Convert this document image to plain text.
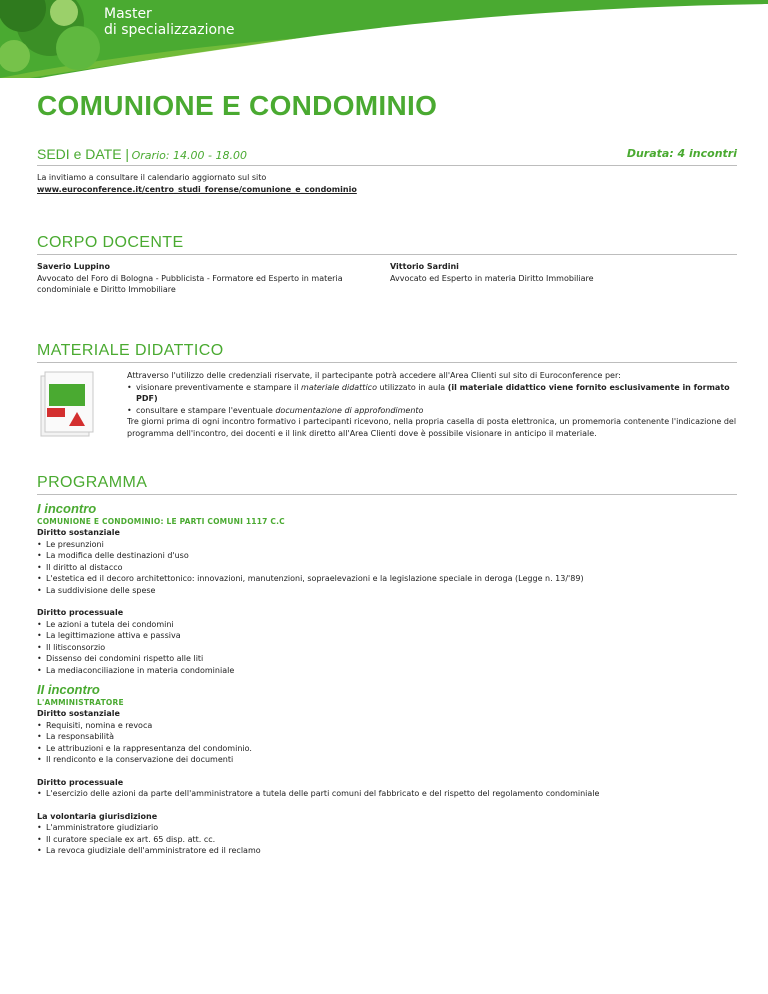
Master
di specializzazione
COMUNIONE E CONDOMINIO
SEDI e DATE | Orario: 14.00 - 18.00	Durata: 4 incontri
La invitiamo a consultare il calendario aggiornato sul sito
www.euroconference.it/centro_studi_forense/comunione_e_condominio
CORPO DOCENTE
Saverio Luppino
Avvocato del Foro di Bologna - Pubblicista - Formatore ed Esperto in materia condominiale e Diritto Immobiliare
Vittorio Sardini
Avvocato ed Esperto in materia Diritto Immobiliare
MATERIALE DIDATTICO
Attraverso l'utilizzo delle credenziali riservate, il partecipante potrà accedere all'Area Clienti sul sito di Euroconference per:
• visionare preventivamente e stampare il materiale didattico utilizzato in aula (il materiale didattico viene fornito esclusivamente in formato PDF)
• consultare e stampare l'eventuale documentazione di approfondimento
Tre giorni prima di ogni incontro formativo i partecipanti ricevono, nella propria casella di posta elettronica, un promemoria contenente l'indicazione del programma dell'incontro, dei docenti e il link diretto all'Area Clienti dove è possibile visionare in anticipo il materiale.
PROGRAMMA
I incontro
COMUNIONE E CONDOMINIO: LE PARTI COMUNI 1117 C.C
Diritto sostanziale
• Le presunzioni
• La modifica delle destinazioni d'uso
• Il diritto al distacco
• L'estetica ed il decoro architettonico: innovazioni, manutenzioni, sopraelevazioni e la legislazione speciale in deroga (Legge n. 13/'89)
• La suddivisione delle spese
Diritto processuale
• Le azioni a tutela dei condomini
• La legittimazione attiva e passiva
• Il litisconsorzio
• Dissenso dei condomini rispetto alle liti
• La mediaconciliazione in materia condominiale
II incontro
L'AMMINISTRATORE
Diritto sostanziale
• Requisiti, nomina e revoca
• La responsabilità
• Le attribuzioni e la rappresentanza del condominio.
• Il rendiconto e la conservazione dei documenti
Diritto processuale
• L'esercizio delle azioni da parte dell'amministratore a tutela delle parti comuni del fabbricato e del rispetto del regolamento condominiale
La volontaria giurisdizione
• L'amministratore giudiziario
• Il curatore speciale ex art. 65 disp. att. cc.
• La revoca giudiziale dell'amministratore ed il reclamo
